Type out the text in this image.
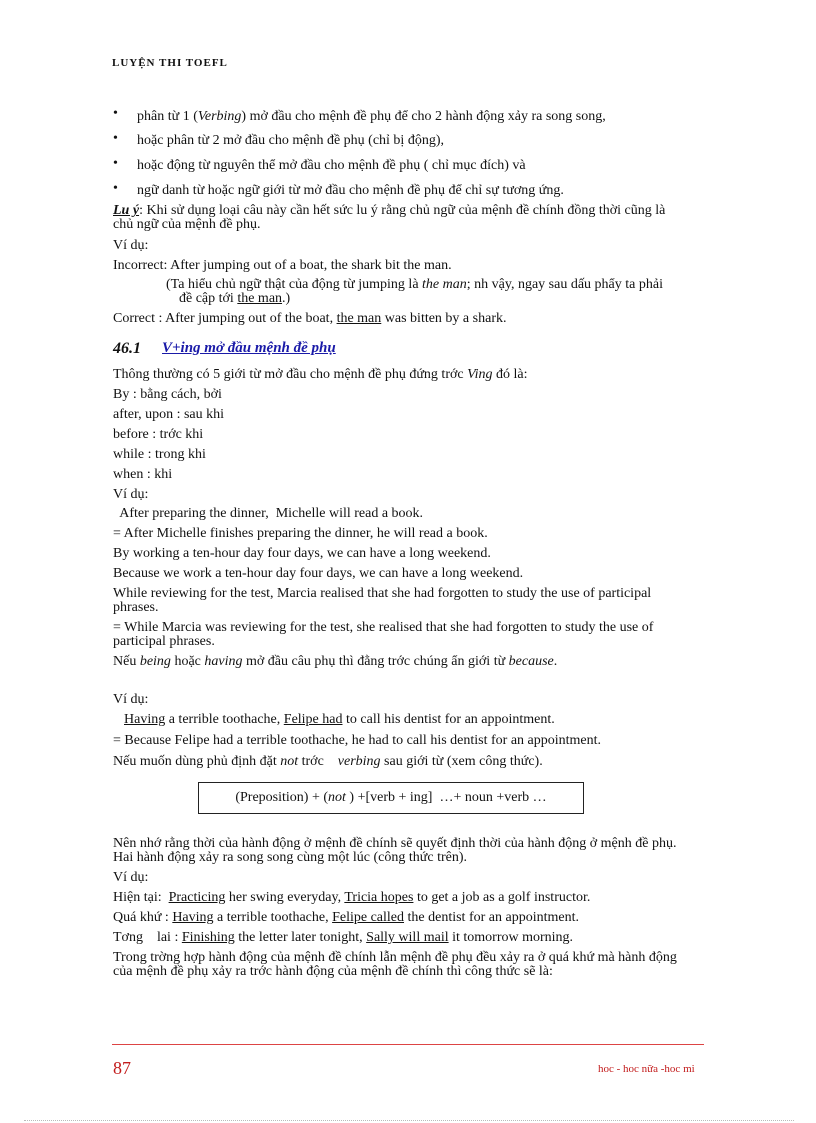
LUYỆN THI TOEFL
• phân từ 1 (Verbing) mở đầu cho mệnh đề phụ để cho 2 hành động xảy ra song song,
• hoặc phân từ 2 mở đầu cho mệnh đề phụ (chỉ bị động),
• hoặc động từ nguyên thể mở đầu cho mệnh đề phụ ( chỉ mục đích) và
• ngữ danh từ hoặc ngữ giới từ mở đầu cho mệnh đề phụ để chỉ sự tương ứng.
Lu ý: Khi sử dụng loại câu này cần hết sức lu ý rằng chủ ngữ của mệnh đề chính đồng thời cũng là
chủ ngữ của mệnh đề phụ.
Ví dụ:
Incorrect: After jumping out of a boat, the shark bit the man.
(Ta hiểu chủ ngữ thật của động từ jumping là the man; nh vậy, ngay sau dấu phẩy ta phải
đề cập tới the man.)
Correct : After jumping out of the boat, the man was bitten by a shark.
46.1 V+ing mở đầu mệnh đề phụ
Thông thường có 5 giới từ mở đầu cho mệnh đề phụ đứng trớc Ving đó là:
By : bằng cách, bởi
after, upon : sau khi
before : trớc khi
while : trong khi
when : khi
Ví dụ:
After preparing the dinner,  Michelle will read a book.
= After Michelle finishes preparing the dinner, he will read a book.
By working a ten-hour day four days, we can have a long weekend.
Because we work a ten-hour day four days, we can have a long weekend.
While reviewing for the test, Marcia realised that she had forgotten to study the use of participal
phrases.
= While Marcia was reviewing for the test, she realised that she had forgotten to study the use of
participal phrases.
Nếu being hoặc having mở đầu câu phụ thì đằng trớc chúng ẩn giới từ because.
Ví dụ:
Having a terrible toothache, Felipe had to call his dentist for an appointment.
= Because Felipe had a terrible toothache, he had to call his dentist for an appointment.
Nếu muốn dùng phủ định đặt not trớc    verbing sau giới từ (xem công thức).
(Preposition) + (not ) +[verb + ing]  …+ noun +verb …
Nên nhớ rằng thời của hành động ở mệnh đề chính sẽ quyết định thời của hành động ở mệnh đề phụ.
Hai hành động xảy ra song song cùng một lúc (công thức trên).
Ví dụ:
Hiện tại:  Practicing her swing everyday, Tricia hopes to get a job as a golf instructor.
Quá khứ : Having a terrible toothache, Felipe called the dentist for an appointment.
Tơng    lai : Finishing the letter later tonight, Sally will mail it tomorrow morning.
Trong trờng hợp hành động của mệnh đề chính lẫn mệnh đề phụ đều xảy ra ở quá khứ mà hành động
của mệnh đề phụ xảy ra trớc hành động của mệnh đề chính thì công thức sẽ là:
87	hoc - hoc nữa -hoc mi
